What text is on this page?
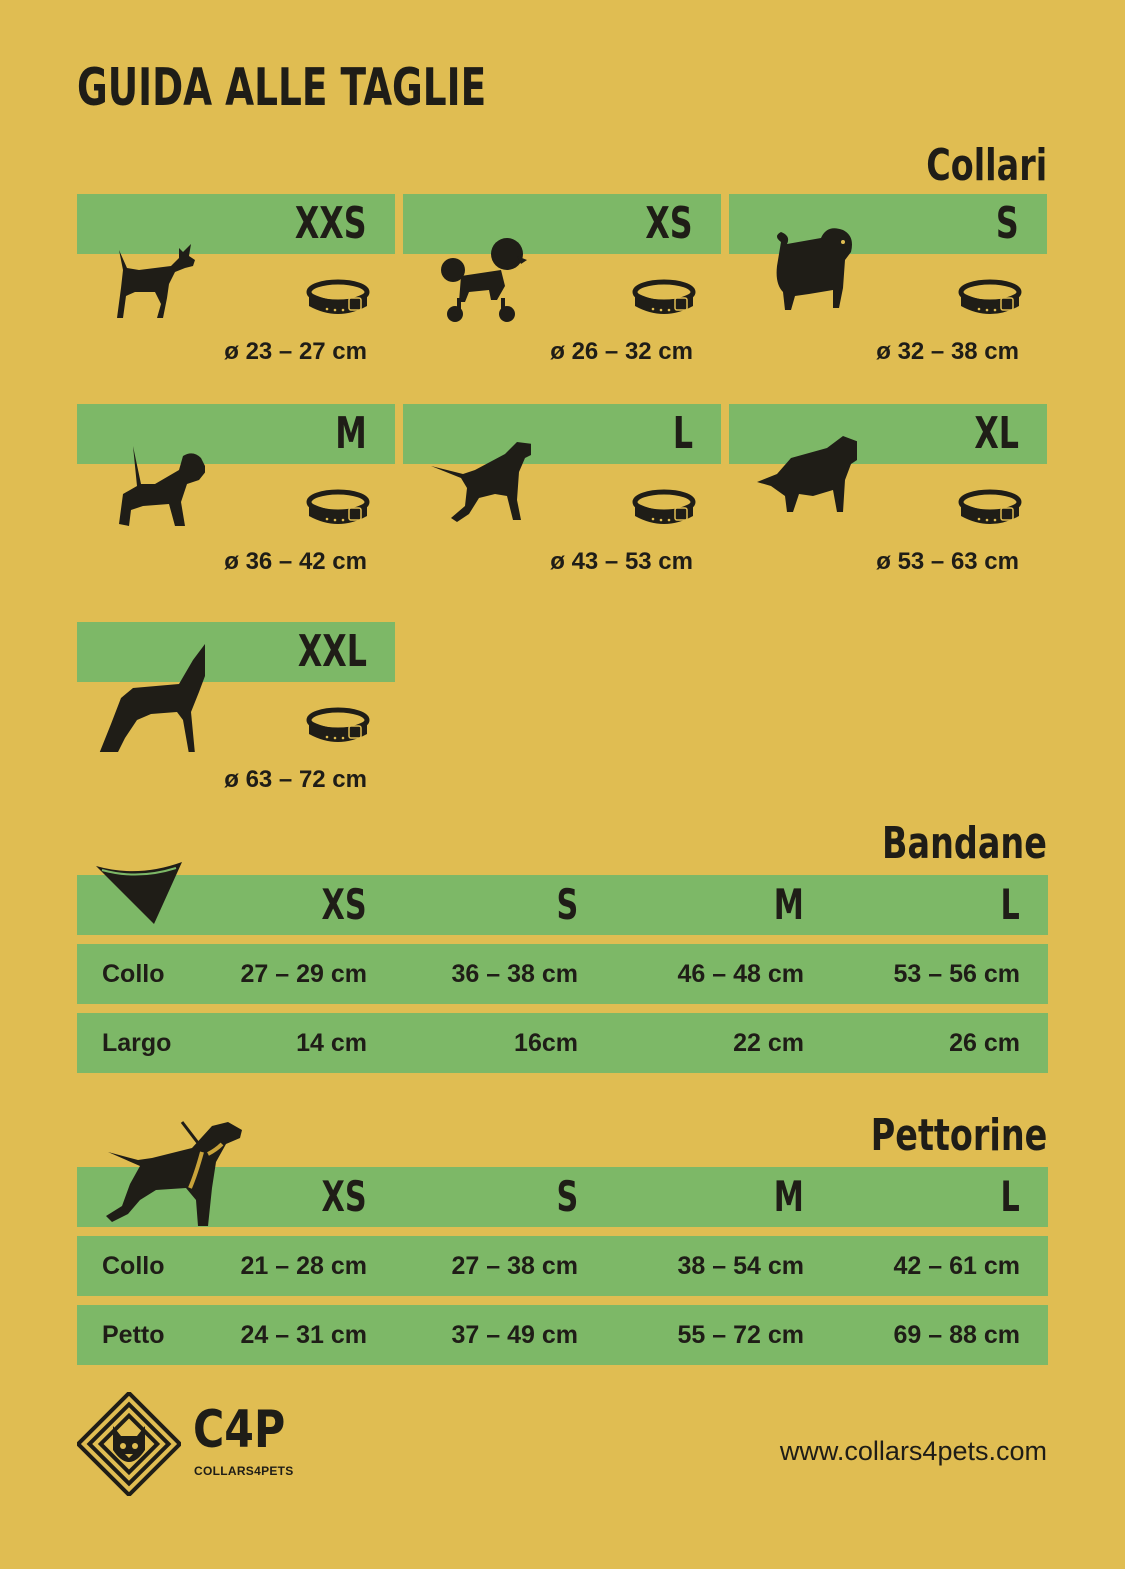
GUIDA ALLE TAGLIE
Collari
XXS
ø 23 – 27 cm
XS
ø 26 – 32 cm
S
ø 32 – 38 cm
M
ø 36 – 42 cm
L
ø 43 – 53 cm
XL
ø 53 – 63 cm
XXL
ø 63 – 72 cm
Bandane
XS	S	M	L
Collo	27 – 29 cm	36 – 38 cm	46 – 48 cm	53 – 56 cm
Largo	14 cm	16cm	22 cm	26 cm
Pettorine
XS	S	M	L
Collo	21 – 28 cm	27 – 38 cm	38 – 54 cm	42 – 61 cm
Petto	24 – 31 cm	37 – 49 cm	55 – 72 cm	69 – 88 cm
C4P
COLLARS4PETS
www.collars4pets.com
